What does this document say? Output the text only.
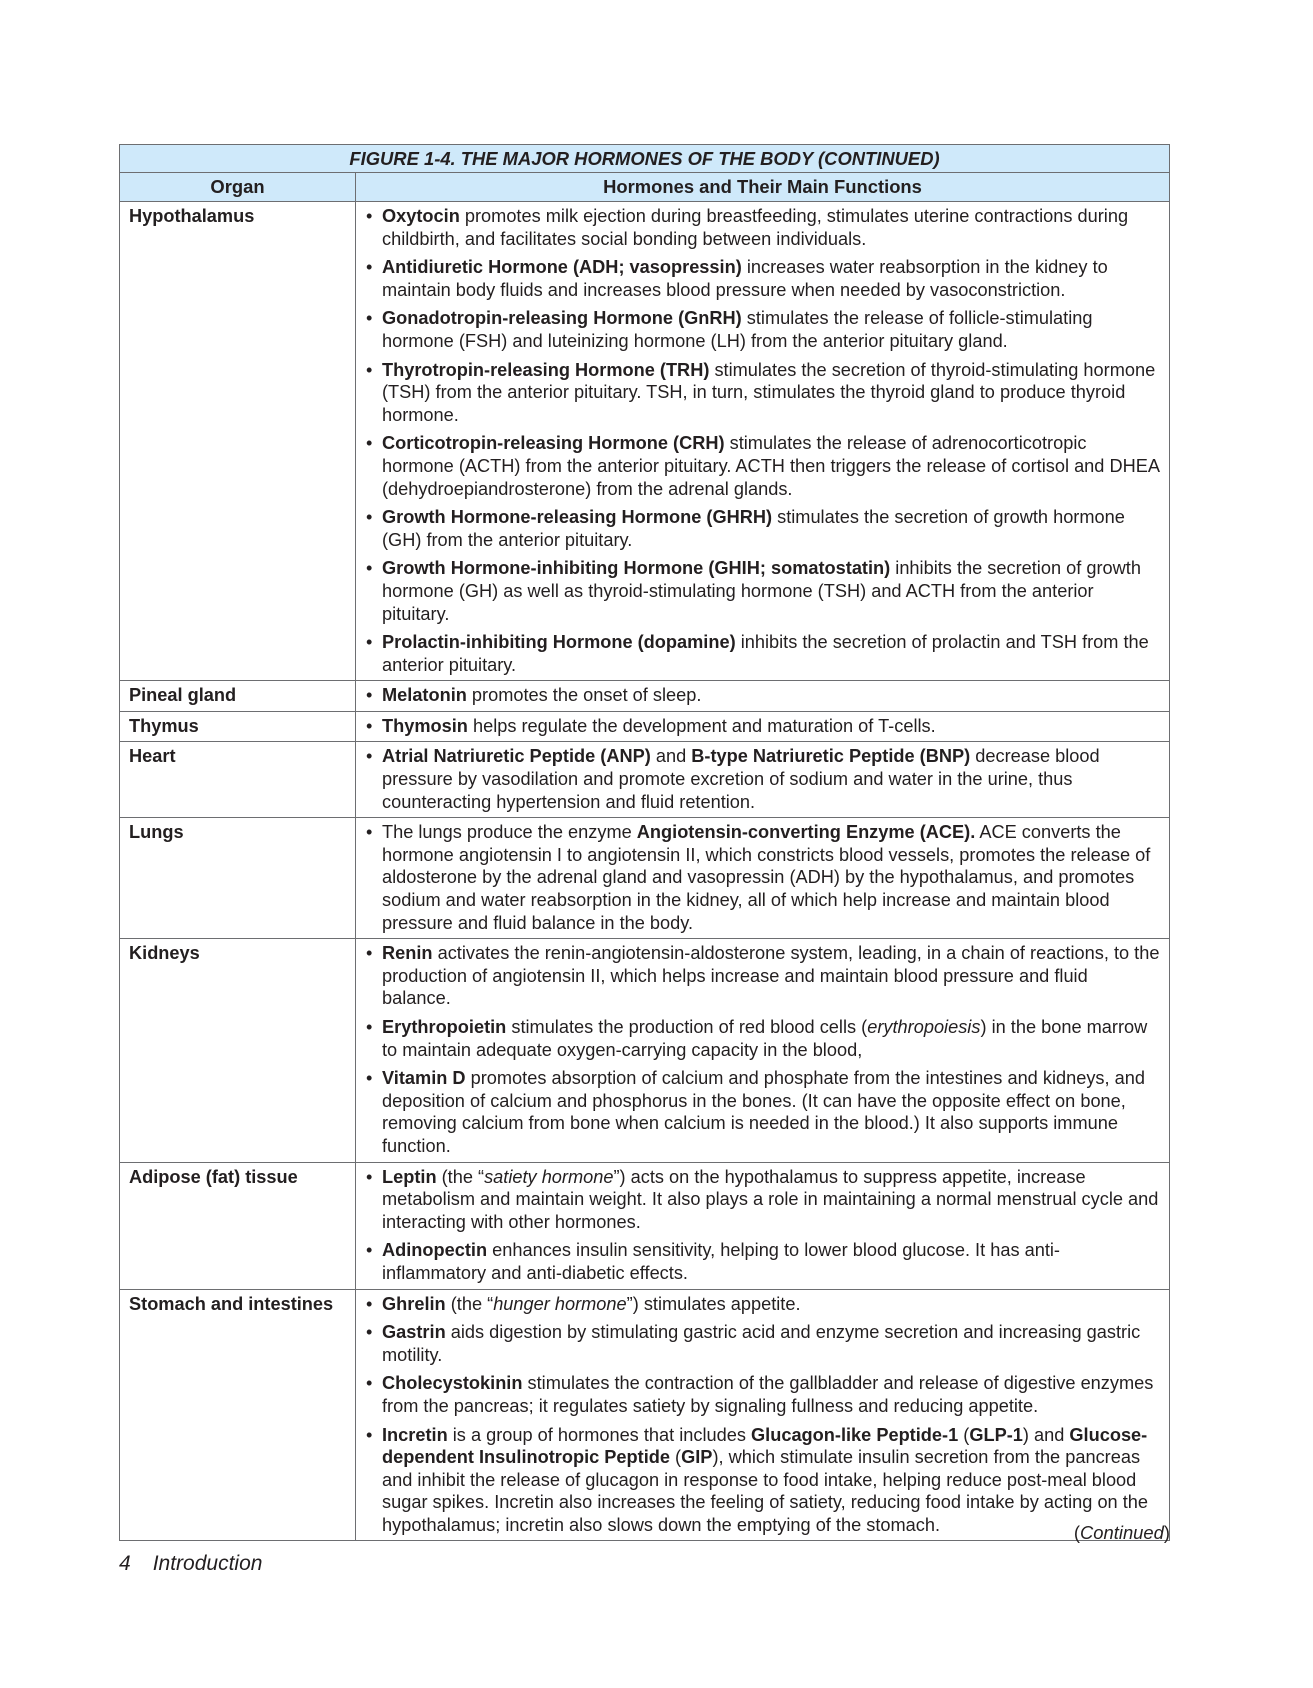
FIGURE 1-4. THE MAJOR HORMONES OF THE BODY (CONTINUED)	
Organ	Hormones and Their Main Functions
Hypothalamus	• Oxytocin promotes milk ejection during breastfeeding, stimulates uterine contractions during childbirth, and facilitates social bonding between individuals.
• Antidiuretic Hormone (ADH; vasopressin) increases water reabsorption in the kidney to maintain body fluids and increases blood pressure when needed by vasoconstriction.
• Gonadotropin-releasing Hormone (GnRH) stimulates the release of follicle-stimulating hormone (FSH) and luteinizing hormone (LH) from the anterior pituitary gland.
• Thyrotropin-releasing Hormone (TRH) stimulates the secretion of thyroid-stimulating hormone (TSH) from the anterior pituitary. TSH, in turn, stimulates the thyroid gland to produce thyroid hormone.
• Corticotropin-releasing Hormone (CRH) stimulates the release of adrenocorticotropic hormone (ACTH) from the anterior pituitary. ACTH then triggers the release of cortisol and DHEA (dehydroepiandrosterone) from the adrenal glands.
• Growth Hormone-releasing Hormone (GHRH) stimulates the secretion of growth hormone (GH) from the anterior pituitary.
• Growth Hormone-inhibiting Hormone (GHIH; somatostatin) inhibits the secretion of growth hormone (GH) as well as thyroid-stimulating hormone (TSH) and ACTH from the anterior pituitary.
• Prolactin-inhibiting Hormone (dopamine) inhibits the secretion of prolactin and TSH from the anterior pituitary.

Pineal gland	• Melatonin promotes the onset of sleep.

Thymus	• Thymosin helps regulate the development and maturation of T-cells.

Heart	• Atrial Natriuretic Peptide (ANP) and B-type Natriuretic Peptide (BNP) decrease blood pressure by vasodilation and promote excretion of sodium and water in the urine, thus counteracting hypertension and fluid retention.

Lungs	• The lungs produce the enzyme Angiotensin-converting Enzyme (ACE). ACE converts the hormone angiotensin I to angiotensin II, which constricts blood vessels, promotes the release of aldosterone by the adrenal gland and vasopressin (ADH) by the hypothalamus, and promotes sodium and water reabsorption in the kidney, all of which help increase and maintain blood pressure and fluid balance in the body.

Kidneys	• Renin activates the renin-angiotensin-aldosterone system, leading, in a chain of reactions, to the production of angiotensin II, which helps increase and maintain blood pressure and fluid balance.
• Erythropoietin stimulates the production of red blood cells (erythropoiesis) in the bone marrow to maintain adequate oxygen-carrying capacity in the blood,
• Vitamin D promotes absorption of calcium and phosphate from the intestines and kidneys, and deposition of calcium and phosphorus in the bones. (It can have the opposite effect on bone, removing calcium from bone when calcium is needed in the blood.) It also supports immune function.

Adipose (fat) tissue	• Leptin (the “satiety hormone”) acts on the hypothalamus to suppress appetite, increase metabolism and maintain weight. It also plays a role in maintaining a normal menstrual cycle and interacting with other hormones.
• Adinopectin enhances insulin sensitivity, helping to lower blood glucose. It has anti-inflammatory and anti-diabetic effects.

Stomach and intestines	• Ghrelin (the “hunger hormone”) stimulates appetite.
• Gastrin aids digestion by stimulating gastric acid and enzyme secretion and increasing gastric motility.
• Cholecystokinin stimulates the contraction of the gallbladder and release of digestive enzymes from the pancreas; it regulates satiety by signaling fullness and reducing appetite.
• Incretin is a group of hormones that includes Glucagon-like Peptide-1 (GLP-1) and Glucose-dependent Insulinotropic Peptide (GIP), which stimulate insulin secretion from the pancreas and inhibit the release of glucagon in response to food intake, helping reduce post-meal blood sugar spikes. Incretin also increases the feeling of satiety, reducing food intake by acting on the hypothalamus; incretin also slows down the emptying of the stomach.	(Continued)
4 Introduction
